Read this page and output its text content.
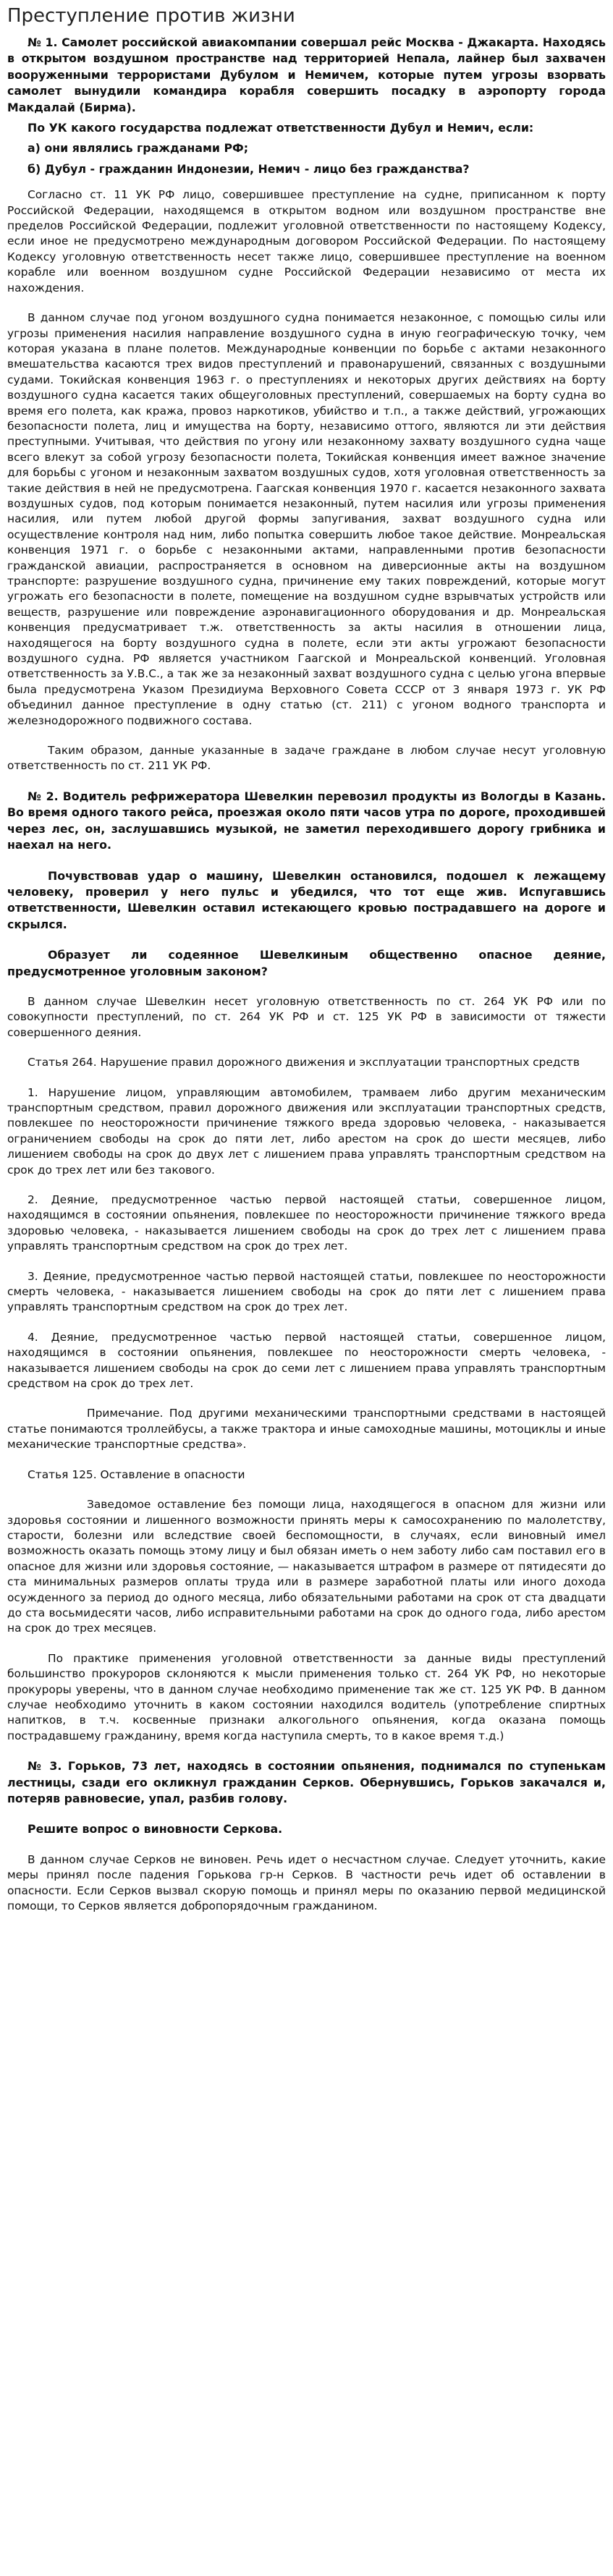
Преступление против жизни

№ 1. Самолет российской авиакомпании совершал рейс Москва - Джакарта. Находясь в открытом воздушном пространстве над территорией Непала, лайнер был захвачен вооруженными террористами Дубулом и Немичем, которые путем угрозы взорвать самолет вынудили командира корабля совершить посадку в аэропорту города Макдалай (Бирма).

По УК какого государства подлежат ответственности Дубул и Немич, если:

а) они являлись гражданами РФ;

б) Дубул - гражданин Индонезии, Немич - лицо без гражданства?

Согласно ст. 11 УК РФ лицо, совершившее преступление на судне, приписанном к порту Российской Федерации, находящемся в открытом водном или воздушном пространстве вне пределов Российской Федерации, подлежит уголовной ответственности по настоящему Кодексу, если иное не предусмотрено международным договором Российской Федерации. По настоящему Кодексу уголовную ответственность несет также лицо, совершившее преступление на военном корабле или военном воздушном судне Российской Федерации независимо от места их нахождения.

В данном случае под угоном воздушного судна понимается незаконное, с помощью силы или угрозы применения насилия направление воздушного судна в иную географическую точку, чем которая указана в плане полетов. Международные конвенции по борьбе с актами незаконного вмешательства касаются трех видов преступлений и правонарушений, связанных с воздушными судами. Токийская конвенция 1963 г. о преступлениях и некоторых других действиях на борту воздушного судна касается таких общеуголовных преступлений, совершаемых на борту судна во время его полета, как кража, провоз наркотиков, убийство и т.п., а также действий, угрожающих безопасности полета, лиц и имущества на борту, независимо оттого, являются ли эти действия преступными. Учитывая, что действия по угону или незаконному захвату воздушного судна чаще всего влекут за собой угрозу безопасности полета, Токийская конвенция имеет важное значение для борьбы с угоном и незаконным захватом воздушных судов, хотя уголовная ответственность за такие действия в ней не предусмотрена. Гаагская конвенция 1970 г. касается незаконного захвата воздушных судов, под которым понимается незаконный, путем насилия или угрозы применения насилия, или путем любой другой формы запугивания, захват воздушного судна или осуществление контроля над ним, либо попытка совершить любое такое действие. Монреальская конвенция 1971 г. о борьбе с незаконными актами, направленными против безопасности гражданской авиации, распространяется в основном на диверсионные акты на воздушном транспорте: разрушение воздушного судна, причинение ему таких повреждений, которые могут угрожать его безопасности в полете, помещение на воздушном судне взрывчатых устройств или веществ, разрушение или повреждение аэронавигационного оборудования и др. Монреальская конвенция предусматривает т.ж. ответственность за акты насилия в отношении лица, находящегося на борту воздушного судна в полете, если эти акты угрожают безопасности воздушного судна. РФ является участником Гаагской и Монреальской конвенций. Уголовная ответственность за У.В.С., а так же за незаконный захват воздушного судна с целью угона впервые была предусмотрена Указом Президиума Верховного Совета СССР от 3 января 1973 г. УК РФ объединил данное преступление в одну статью (ст. 211) с угоном водного транспорта и железнодорожного подвижного состава.

Таким образом, данные указанные в задаче граждане в любом случае несут уголовную ответственность по ст. 211 УК РФ.

№ 2. Водитель рефрижератора Шевелкин перевозил продукты из Вологды в Казань. Во время одного такого рейса, проезжая около пяти часов утра по дороге, проходившей через лес, он, заслушавшись музыкой, не заметил переходившего дорогу грибника и наехал на него.

Почувствовав удар о машину, Шевелкин остановился, подошел к лежащему человеку, проверил у него пульс и убедился, что тот еще жив. Испугавшись ответственности, Шевелкин оставил истекающего кровью пострадавшего на дороге и скрылся.

Образует ли содеянное Шевелкиным общественно опасное деяние, предусмотренное уголовным законом?

В данном случае Шевелкин несет уголовную ответственность по ст. 264 УК РФ или по совокупности преступлений, по ст. 264 УК РФ и ст. 125 УК РФ в зависимости от тяжести совершенного деяния.

Статья 264. Нарушение правил дорожного движения и эксплуатации транспортных средств

1. Нарушение лицом, управляющим автомобилем, трамваем либо другим механическим транспортным средством, правил дорожного движения или эксплуатации транспортных средств, повлекшее по неосторожности причинение тяжкого вреда здоровью человека, - наказывается ограничением свободы на срок до пяти лет, либо арестом на срок до шести месяцев, либо лишением свободы на срок до двух лет с лишением права управлять транспортным средством на срок до трех лет или без такового.

2. Деяние, предусмотренное частью первой настоящей статьи, совершенное лицом, находящимся в состоянии опьянения, повлекшее по неосторожности причинение тяжкого вреда здоровью человека, - наказывается лишением свободы на срок до трех лет с лишением права управлять транспортным средством на срок до трех лет.

3. Деяние, предусмотренное частью первой настоящей статьи, повлекшее по неосторожности смерть человека, - наказывается лишением свободы на срок до пяти лет с лишением права управлять транспортным средством на срок до трех лет.

4. Деяние, предусмотренное частью первой настоящей статьи, совершенное лицом, находящимся в состоянии опьянения, повлекшее по неосторожности смерть человека, - наказывается лишением свободы на срок до семи лет с лишением права управлять транспортным средством на срок до трех лет.

Примечание. Под другими механическими транспортными средствами в настоящей статье понимаются троллейбусы, а также трактора и иные самоходные машины, мотоциклы и иные механические транспортные средства».

Статья 125. Оставление в опасности

Заведомое оставление без помощи лица, находящегося в опасном для жизни или здоровья состоянии и лишенного возможности принять меры к самосохранению по малолетству, старости, болезни или вследствие своей беспомощности, в случаях, если виновный имел возможность оказать помощь этому лицу и был обязан иметь о нем заботу либо сам поставил его в опасное для жизни или здоровья состояние, — наказывается штрафом в размере от пятидесяти до ста минимальных размеров оплаты труда или в размере заработной платы или иного дохода осужденного за период до одного месяца, либо обязательными работами на срок от ста двадцати до ста восьмидесяти часов, либо исправительными работами на срок до одного года, либо арестом на срок до трех месяцев.

По практике применения уголовной ответственности за данные виды преступлений большинство прокуроров склоняются к мысли применения только ст. 264 УК РФ, но некоторые прокуроры уверены, что в данном случае необходимо применение так же ст. 125 УК РФ. В данном случае необходимо уточнить в каком состоянии находился водитель (употребление спиртных напитков, в т.ч. косвенные признаки алкогольного опьянения, когда оказана помощь пострадавшему гражданину, время когда наступила смерть, то в какое время т.д.)

№ 3. Горьков, 73 лет, находясь в состоянии опьянения, поднимался по ступенькам лестницы, сзади его окликнул гражданин Серков. Обернувшись, Горьков закачался и, потеряв равновесие, упал, разбив голову.

Решите вопрос о виновности Серкова.

В данном случае Серков не виновен. Речь идет о несчастном случае. Следует уточнить, какие меры принял после падения Горькова гр-н Серков. В частности речь идет об оставлении в опасности. Если Серков вызвал скорую помощь и принял меры по оказанию первой медицинской помощи, то Серков является добропорядочным гражданином.
